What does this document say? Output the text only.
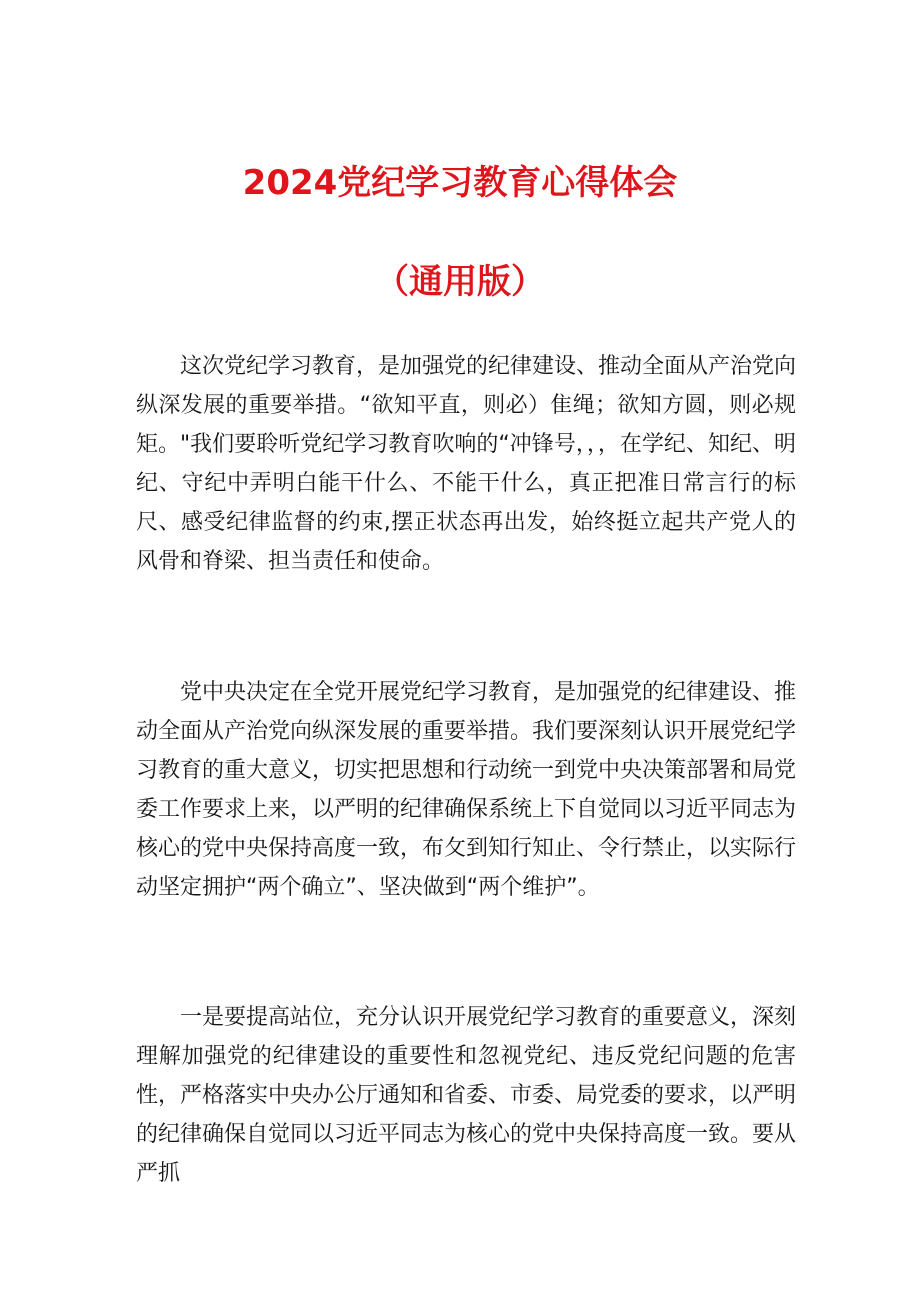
2024党纪学习教育心得体会
（通用版）

这次党纪学习教育，是加强党的纪律建设、推动全面从产治党向纵深发展的重要举措。“欲知平直，则必）隹绳；欲知方圆，则必规矩。"我们要聆听党纪学习教育吹响的“冲锋号，，，在学纪、知纪、明纪、守纪中弄明白能干什么、不能干什么，真正把准日常言行的标尺、感受纪律监督的约束,摆正状态再出发，始终挺立起共产党人的风骨和脊梁、担当责任和使命。

党中央决定在全党开展党纪学习教育，是加强党的纪律建设、推动全面从产治党向纵深发展的重要举措。我们要深刻认识开展党纪学习教育的重大意义，切实把思想和行动统一到党中央决策部署和局党委工作要求上来，以严明的纪律确保系统上下自觉同以习近平同志为核心的党中央保持高度一致，布攵到知行知止、令行禁止，以实际行动坚定拥护“两个确立”、坚决做到“两个维护”。

一是要提高站位，充分认识开展党纪学习教育的重要意义，深刻理解加强党的纪律建设的重要性和忽视党纪、违反党纪问题的危害性，严格落实中央办公厅通知和省委、市委、局党委的要求，以严明的纪律确保自觉同以习近平同志为核心的党中央保持高度一致。要从严抓
